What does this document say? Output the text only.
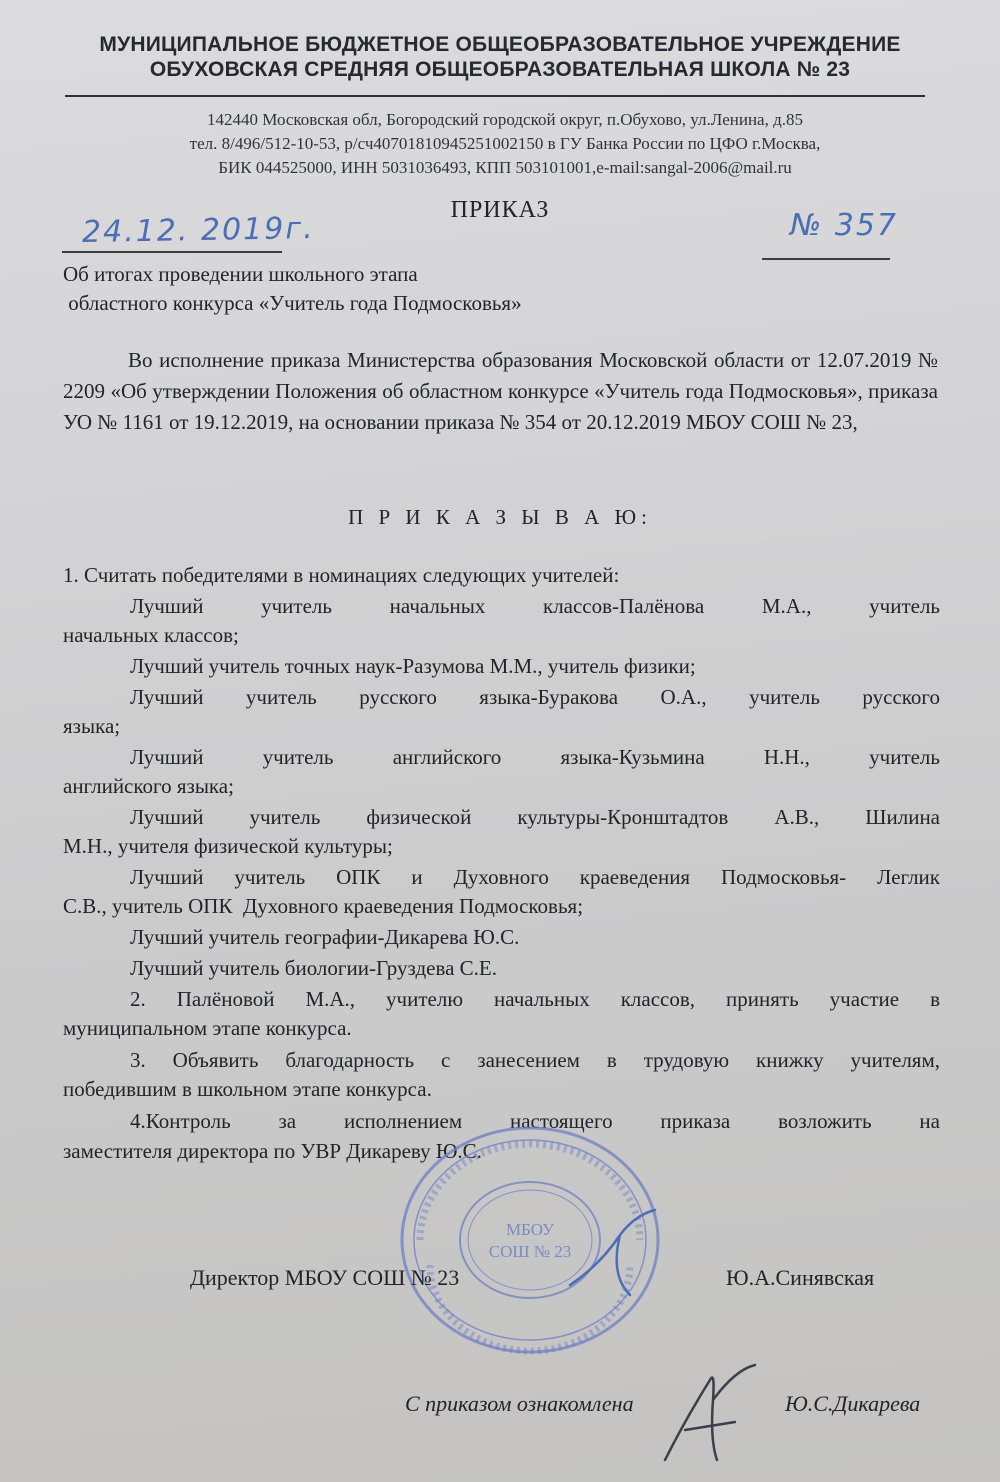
МУНИЦИПАЛЬНОЕ БЮДЖЕТНОЕ ОБЩЕОБРАЗОВАТЕЛЬНОЕ УЧРЕЖДЕНИЕ
ОБУХОВСКАЯ СРЕДНЯЯ ОБЩЕОБРАЗОВАТЕЛЬНАЯ ШКОЛА № 23
142440 Московская обл, Богородский городской округ, п.Обухово, ул.Ленина, д.85
тел. 8/496/512-10-53, р/сч40701810945251002150 в ГУ Банка России по ЦФО г.Москва,
БИК 044525000, ИНН 5031036493, КПП 503101001,e-mail:sangal-2006@mail.ru
ПРИКАЗ
24.12. 2019г.	№ 357
Об итогах проведении школьного этапа
областного конкурса «Учитель года Подмосковья»

Во исполнение приказа Министерства образования Московской области от 12.07.2019 № 2209 «Об утверждении Положения об областном конкурсе «Учитель года Подмосковья», приказа УО № 1161 от 19.12.2019, на основании приказа № 354 от 20.12.2019 МБОУ СОШ № 23,

П Р И К А З Ы В А Ю:
1. Считать победителями в номинациях следующих учителей:
Лучший учитель начальных классов-Палёнова М.А., учитель
начальных классов;
Лучший учитель точных наук-Разумова М.М., учитель физики;
Лучший учитель русского языка-Буракова О.А., учитель русского
языка;
Лучший учитель английского языка-Кузьмина Н.Н., учитель
английского языка;
Лучший учитель физической культуры-Кронштадтов А.В., Шилина
М.Н., учителя физической культуры;
Лучший учитель ОПК и Духовного краеведения Подмосковья- Леглик
С.В., учитель ОПК  Духовного краеведения Подмосковья;
Лучший учитель географии-Дикарева Ю.С.
Лучший учитель биологии-Груздева С.Е.
2. Палёновой М.А., учителю начальных классов, принять участие в
муниципальном этапе конкурса.
3. Объявить благодарность с занесением в трудовую книжку учителям,
победившим в школьном этапе конкурса.
4.Контроль за исполнением настоящего приказа возложить на
заместителя директора по УВР Дикареву Ю.С.
МБОУ
СОШ № 23
Директор МБОУ СОШ № 23	Ю.А.Синявская
С приказом ознакомлена	Ю.С.Дикарева
